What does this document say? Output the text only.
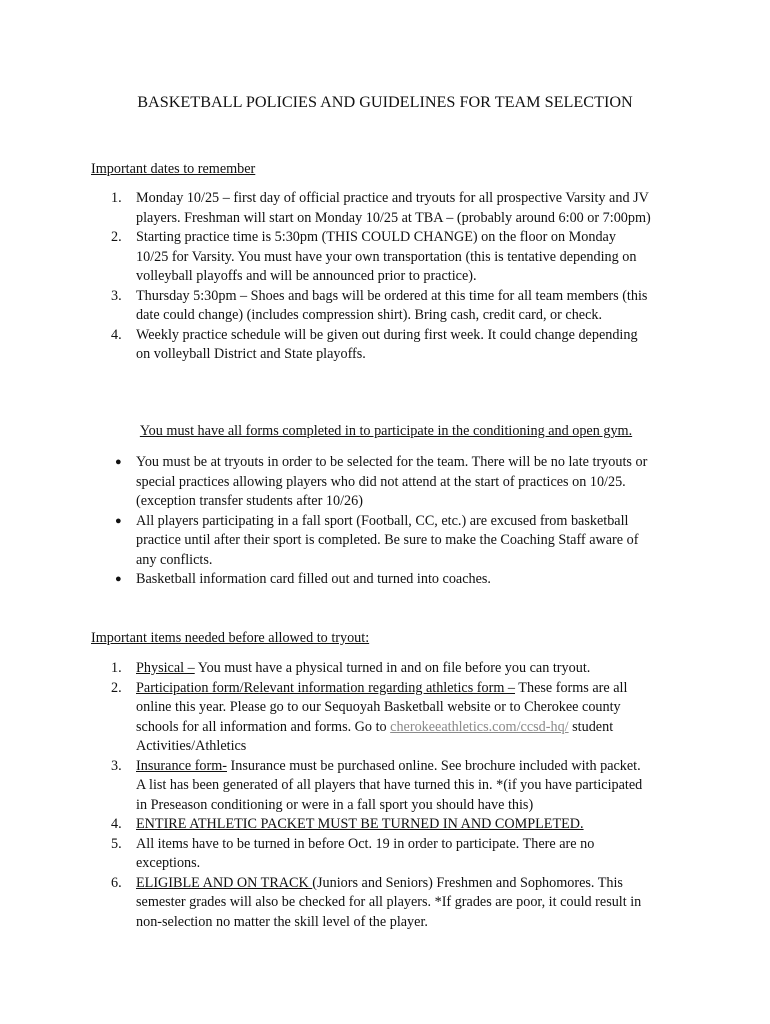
BASKETBALL POLICIES AND GUIDELINES FOR TEAM SELECTION
Important dates to remember
1. Monday 10/25 – first day of official practice and tryouts for all prospective Varsity and JV players. Freshman will start on Monday 10/25 at TBA – (probably around 6:00 or 7:00pm)
2. Starting practice time is 5:30pm (THIS COULD CHANGE) on the floor on Monday 10/25 for Varsity. You must have your own transportation (this is tentative depending on volleyball playoffs and will be announced prior to practice).
3. Thursday 5:30pm – Shoes and bags will be ordered at this time for all team members (this date could change) (includes compression shirt). Bring cash, credit card, or check.
4. Weekly practice schedule will be given out during first week. It could change depending on volleyball District and State playoffs.
You must have all forms completed in to participate in the conditioning and open gym.
● You must be at tryouts in order to be selected for the team. There will be no late tryouts or special practices allowing players who did not attend at the start of practices on 10/25. (exception transfer students after 10/26)
● All players participating in a fall sport (Football, CC, etc.) are excused from basketball practice until after their sport is completed. Be sure to make the Coaching Staff aware of any conflicts.
● Basketball information card filled out and turned into coaches.
Important items needed before allowed to tryout:
1. Physical – You must have a physical turned in and on file before you can tryout.
2. Participation form/Relevant information regarding athletics form – These forms are all online this year. Please go to our Sequoyah Basketball website or to Cherokee county schools for all information and forms. Go to cherokeeathletics.com/ccsd-hq/ student Activities/Athletics
3. Insurance form- Insurance must be purchased online. See brochure included with packet. A list has been generated of all players that have turned this in. *(if you have participated in Preseason conditioning or were in a fall sport you should have this)
4. ENTIRE ATHLETIC PACKET MUST BE TURNED IN AND COMPLETED.
5. All items have to be turned in before Oct. 19 in order to participate. There are no exceptions.
6. ELIGIBLE AND ON TRACK (Juniors and Seniors) Freshmen and Sophomores. This semester grades will also be checked for all players. *If grades are poor, it could result in non-selection no matter the skill level of the player.
